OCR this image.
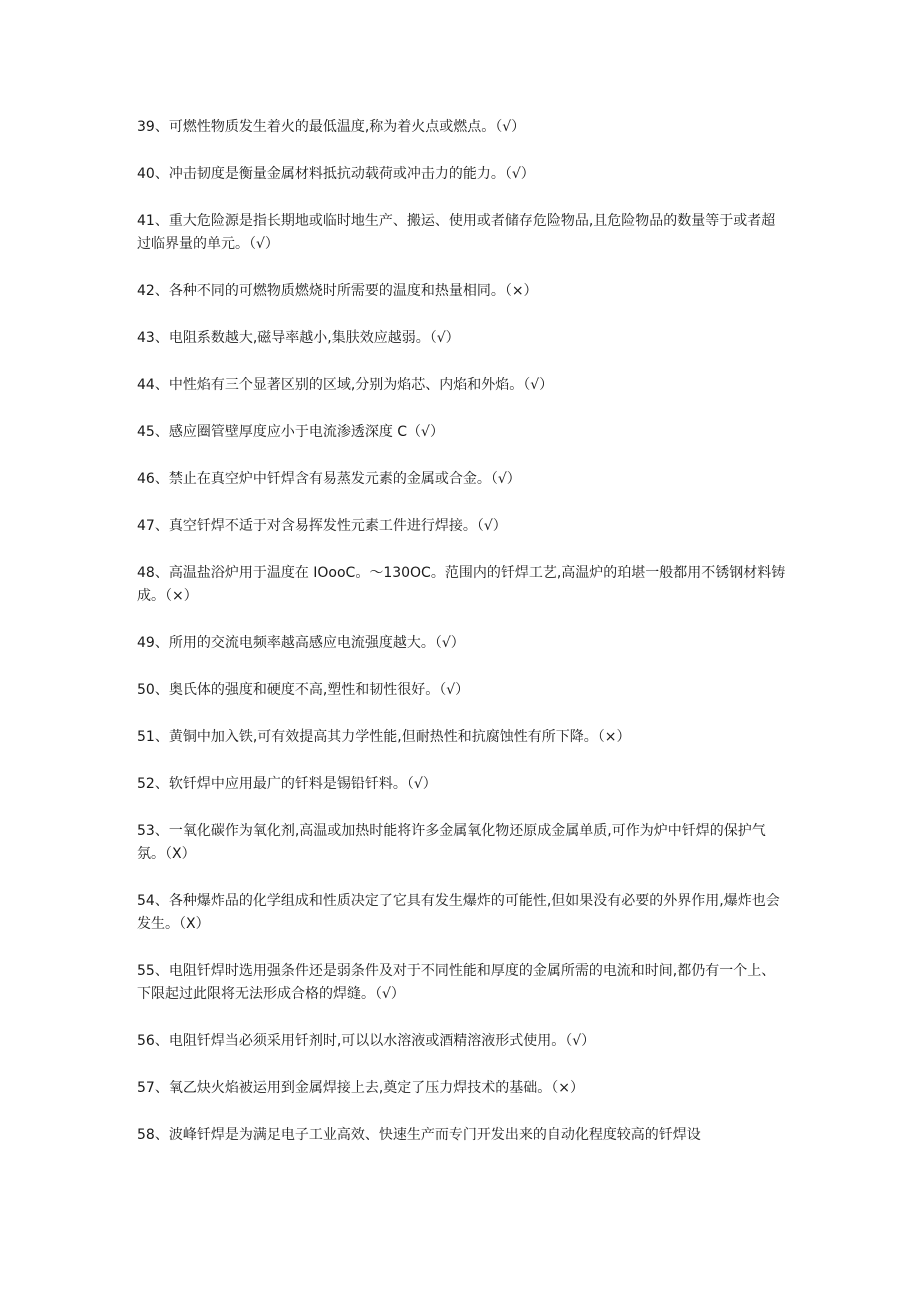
39、可燃性物质发生着火的最低温度,称为着火点或燃点。（√）
40、冲击韧度是衡量金属材料抵抗动载荷或冲击力的能力。（√）
41、重大危险源是指长期地或临时地生产、搬运、使用或者储存危险物品,且危险物品的数量等于或者超过临界量的单元。（√）
42、各种不同的可燃物质燃烧时所需要的温度和热量相同。（×）
43、电阻系数越大,磁导率越小,集肤效应越弱。（√）
44、中性焰有三个显著区别的区域,分别为焰芯、内焰和外焰。（√）
45、感应圈管壁厚度应小于电流渗透深度 C（√）
46、禁止在真空炉中钎焊含有易蒸发元素的金属或合金。（√）
47、真空钎焊不适于对含易挥发性元素工件进行焊接。（√）
48、高温盐浴炉用于温度在 IOooC。〜130OC。范围内的钎焊工艺,高温炉的珀堪一般都用不锈钢材料铸成。（×）
49、所用的交流电频率越高感应电流强度越大。（√）
50、奥氏体的强度和硬度不高,塑性和韧性很好。（√）
51、黄铜中加入铁,可有效提高其力学性能,但耐热性和抗腐蚀性有所下降。（×）
52、软钎焊中应用最广的钎料是锡铅钎料。（√）
53、一氧化碳作为氧化剂,高温或加热时能将许多金属氧化物还原成金属单质,可作为炉中钎焊的保护气氛。（X）
54、各种爆炸品的化学组成和性质决定了它具有发生爆炸的可能性,但如果没有必要的外界作用,爆炸也会发生。（X）
55、电阻钎焊时选用强条件还是弱条件及对于不同性能和厚度的金属所需的电流和时间,都仍有一个上、下限起过此限将无法形成合格的焊缝。（√）
56、电阻钎焊当必须采用钎剂时,可以以水溶液或酒精溶液形式使用。（√）
57、氧乙炔火焰被运用到金属焊接上去,奠定了压力焊技术的基础。（×）
58、波峰钎焊是为满足电子工业高效、快速生产而专门开发出来的自动化程度较高的钎焊设
